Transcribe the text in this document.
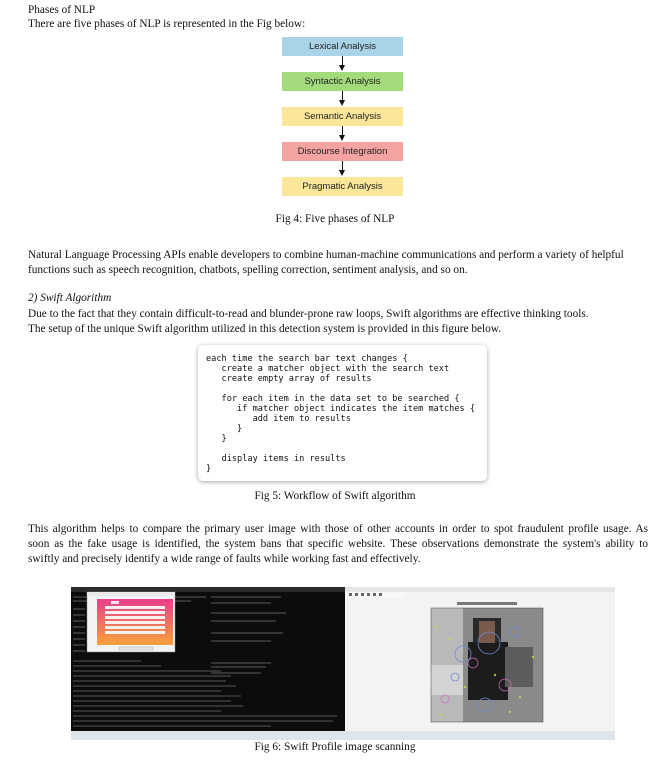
Phases of NLP
There are five phases of NLP is represented in the Fig below:
Lexical Analysis
Syntactic Analysis
Semantic Analysis
Discourse Integration
Pragmatic Analysis
Fig 4: Five phases of NLP
Natural Language Processing APIs enable developers to combine human-machine communications and perform a variety of helpful
functions such as speech recognition, chatbots, spelling correction, sentiment analysis, and so on.
2) Swift Algorithm
Due to the fact that they contain difficult-to-read and blunder-prone raw loops, Swift algorithms are effective thinking tools.
The setup of the unique Swift algorithm utilized in this detection system is provided in this figure below.
each time the search bar text changes {
create a matcher object with the search text
create empty array of results

for each item in the data set to be searched {
if matcher object indicates the item matches {
add item to results
}
}

display items in results
}
Fig 5: Workflow of Swift algorithm
This algorithm helps to compare the primary user image with those of other accounts in order to spot fraudulent profile usage. As
soon as the fake usage is identified, the system bans that specific website. These observations demonstrate the system's ability to
swiftly and precisely identify a wide range of faults while working fast and effectively.
Fig 6: Swift Profile image scanning
